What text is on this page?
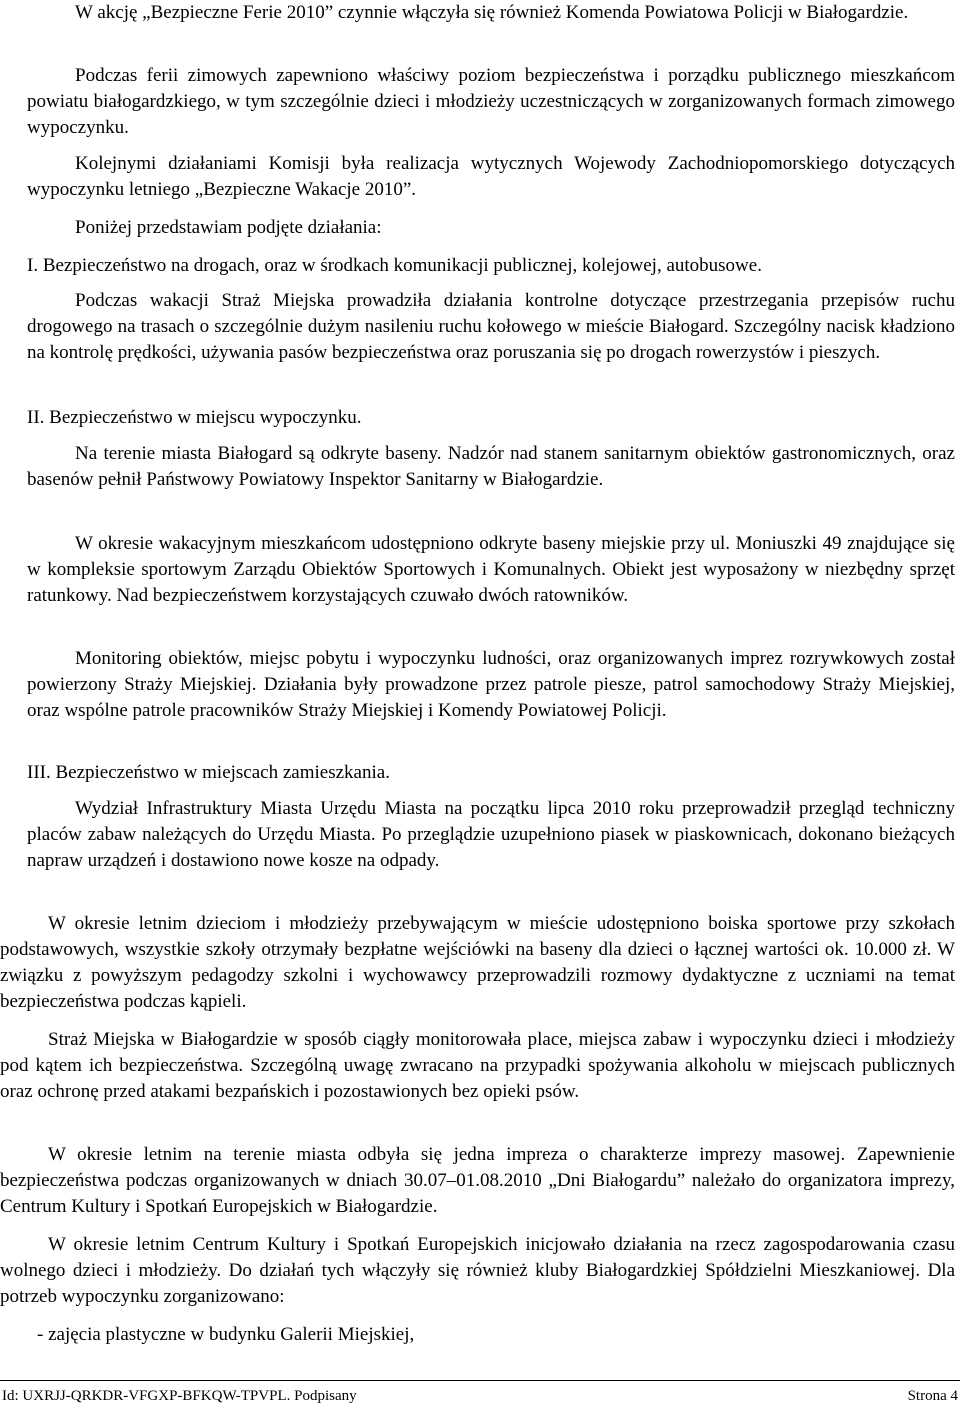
W akcję „Bezpieczne Ferie 2010” czynnie włączyła się również Komenda Powiatowa Policji w Białogardzie.

Podczas ferii zimowych zapewniono właściwy poziom bezpieczeństwa i porządku publicznego mieszkańcom powiatu białogardzkiego, w tym szczególnie dzieci i młodzieży uczestniczących w zorganizowanych formach zimowego wypoczynku.

Kolejnymi działaniami Komisji była realizacja wytycznych Wojewody Zachodniopomorskiego dotyczących wypoczynku letniego „Bezpieczne Wakacje 2010”.

Poniżej przedstawiam podjęte działania:

I. Bezpieczeństwo na drogach, oraz w środkach komunikacji publicznej, kolejowej, autobusowe.

Podczas wakacji Straż Miejska prowadziła działania kontrolne dotyczące przestrzegania przepisów ruchu drogowego na trasach o szczególnie dużym nasileniu ruchu kołowego w mieście Białogard. Szczególny nacisk kładziono na kontrolę prędkości, używania pasów bezpieczeństwa oraz poruszania się po drogach rowerzystów i pieszych.

II. Bezpieczeństwo w miejscu wypoczynku.

Na terenie miasta Białogard są odkryte baseny. Nadzór nad stanem sanitarnym obiektów gastronomicznych, oraz basenów pełnił Państwowy Powiatowy Inspektor Sanitarny w Białogardzie.

W okresie wakacyjnym mieszkańcom udostępniono odkryte baseny miejskie przy ul. Moniuszki 49 znajdujące się w kompleksie sportowym Zarządu Obiektów Sportowych i Komunalnych. Obiekt jest wyposażony w niezbędny sprzęt ratunkowy. Nad bezpieczeństwem korzystających czuwało dwóch ratowników.

Monitoring obiektów, miejsc pobytu i wypoczynku ludności, oraz organizowanych imprez rozrywkowych został powierzony Straży Miejskiej. Działania były prowadzone przez patrole piesze, patrol samochodowy Straży Miejskiej, oraz wspólne patrole pracowników Straży Miejskiej i Komendy Powiatowej Policji.

III. Bezpieczeństwo w miejscach zamieszkania.

Wydział Infrastruktury Miasta Urzędu Miasta na początku lipca 2010 roku przeprowadził przegląd techniczny placów zabaw należących do Urzędu Miasta. Po przeglądzie uzupełniono piasek w piaskownicach, dokonano bieżących napraw urządzeń i dostawiono nowe kosze na odpady.

W okresie letnim dzieciom i młodzieży przebywającym w mieście udostępniono boiska sportowe przy szkołach podstawowych, wszystkie szkoły otrzymały bezpłatne wejściówki na baseny dla dzieci o łącznej wartości ok. 10.000 zł. W związku z powyższym pedagodzy szkolni i wychowawcy przeprowadzili rozmowy dydaktyczne z uczniami na temat bezpieczeństwa podczas kąpieli.

Straż Miejska w Białogardzie w sposób ciągły monitorowała place, miejsca zabaw i wypoczynku dzieci i młodzieży pod kątem ich bezpieczeństwa. Szczególną uwagę zwracano na przypadki spożywania alkoholu w miejscach publicznych oraz ochronę przed atakami bezpańskich i pozostawionych bez opieki psów.

W okresie letnim na terenie miasta odbyła się jedna impreza o charakterze imprezy masowej. Zapewnienie bezpieczeństwa podczas organizowanych w dniach 30.07–01.08.2010 „Dni Białogardu” należało do organizatora imprezy, Centrum Kultury i Spotkań Europejskich w Białogardzie.

W okresie letnim Centrum Kultury i Spotkań Europejskich inicjowało działania na rzecz zagospodarowania czasu wolnego dzieci i młodzieży. Do działań tych włączyły się również kluby Białogardzkiej Spółdzielni Mieszkaniowej. Dla potrzeb wypoczynku zorganizowano:

- zajęcia plastyczne w budynku Galerii Miejskiej,

Id: UXRJJ-QRKDR-VFGXP-BFKQW-TPVPL. Podpisany	Strona 4
